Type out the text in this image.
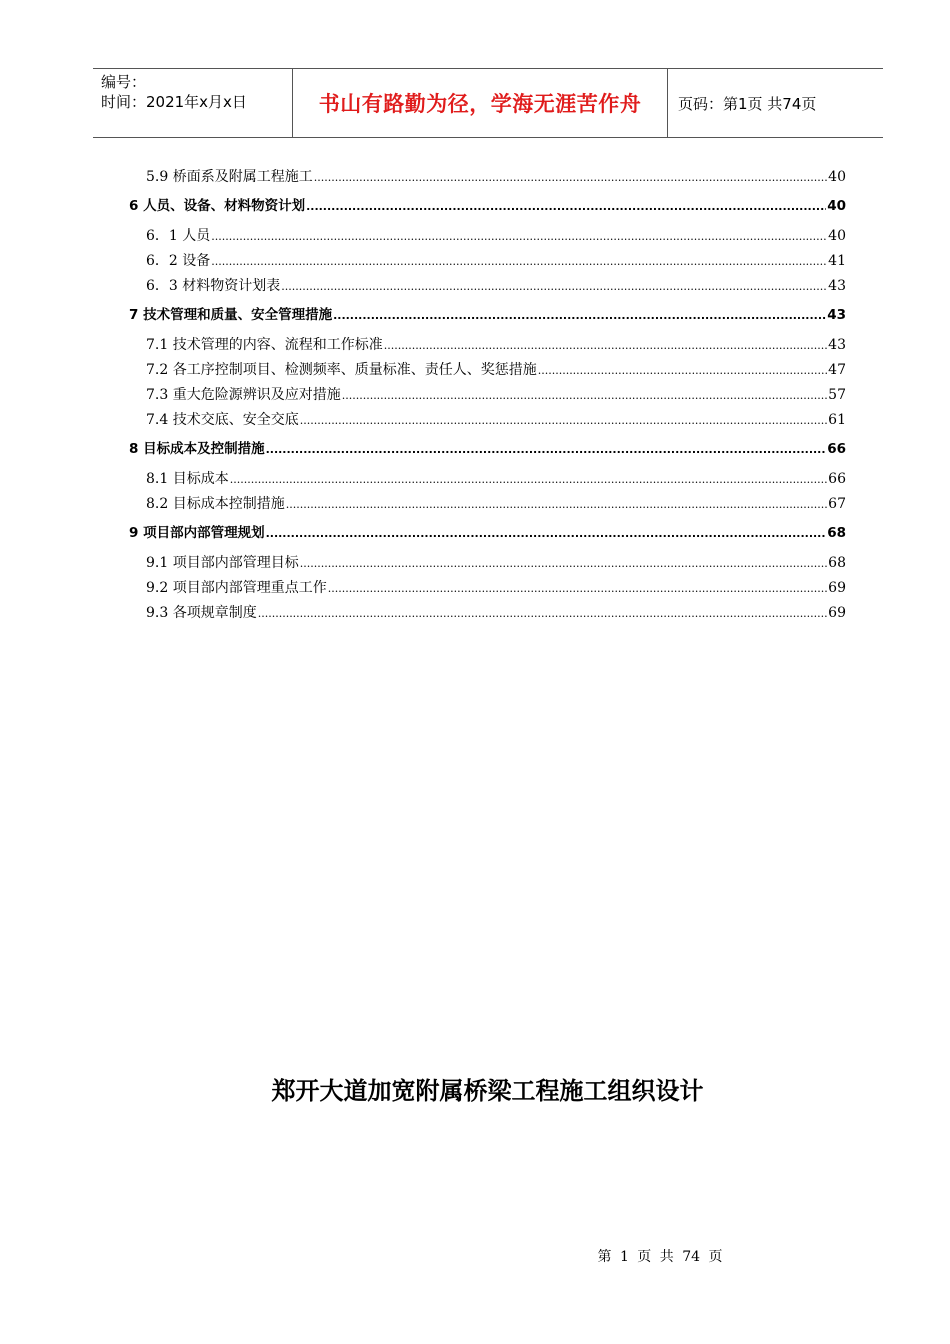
编号：
时间：2021年x月x日	书山有路勤为径，学海无涯苦作舟	页码：第1页 共74页
5.9 桥面系及附属工程施工 .....	40
6 人员、设备、材料物资计划 .....	40
6．1 人员 .....	40
6．2 设备 .....	41
6．3 材料物资计划表 .....	43
7 技术管理和质量、安全管理措施 .....	43
7.1 技术管理的内容、流程和工作标准 .....	43
7.2 各工序控制项目、检测频率、质量标准、责任人、奖惩措施 .....	47
7.3 重大危险源辨识及应对措施 .....	57
7.4 技术交底、安全交底 .....	61
8 目标成本及控制措施 .....	66
8.1 目标成本 .....	66
8.2 目标成本控制措施 .....	67
9 项目部内部管理规划 .....	68
9.1 项目部内部管理目标 .....	68
9.2 项目部内部管理重点工作 .....	69
9.3 各项规章制度 .....	69
郑开大道加宽附属桥梁工程施工组织设计
第 1 页 共 74 页
